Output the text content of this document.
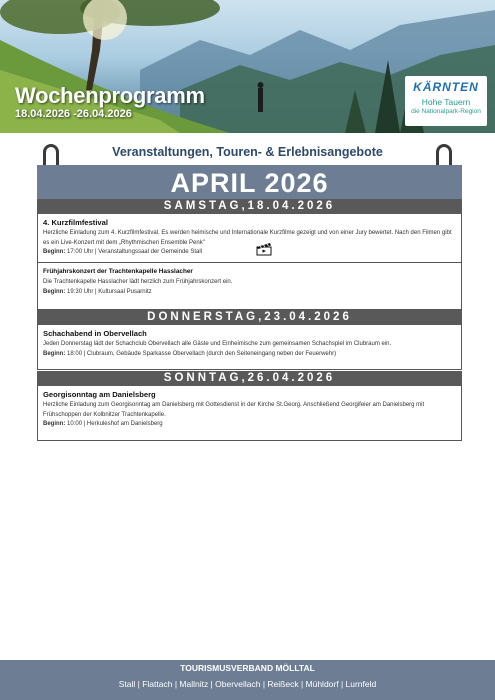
Wochenprogramm
18.04.2026 -26.04.2026
KÄRNTEN
Hohe Tauern
die Nationalpark-Region
Veranstaltungen, Touren- & Erlebnisangebote
APRIL 2026
SAMSTAG,18.04.2026
4. Kurzfilmfestival
Herzliche Einladung zum 4. Kurzfilmfestival. Es werden heimische und Internationale Kurzfilme gezeigt und von einer Jury bewertet. Nach den Filmen gibt es ein Live-Konzert mit dem „Rhythmischen Ensemble Penk"
Beginn: 17:00 Uhr | Veranstaltungssaal der Gemeinde Stall
Frühjahrskonzert der Trachtenkapelle Hasslacher
Die Trachtenkapelle Hasslacher lädt herzlich zum Frühjahrskonzert ein.
Beginn: 19:30 Uhr | Kultursaal Pusarnitz
DONNERSTAG,23.04.2026
Schachabend in Obervellach
Jeden Donnerstag lädt der Schachclub Obervellach alle Gäste und Einheimische zum gemeinsamen Schachspiel im Clubraum ein.
Beginn: 18:00 | Clubraum, Gebäude Sparkasse Obervellach (durch den Seiteneingang neben der Feuerwehr)
SONNTAG,26.04.2026
Georgisonntag am Danielsberg
Herzliche Einladung zum Georgisonntag am Danielsberg mit Gottesdienst in der Kirche St.Georg. Anschließend Georgifeier am Danielsberg mit Frühschoppen der Kolbnitzer Trachtenkapelle.
Beginn: 10:00 | Herkuleshof am Danielsberg
TOURISMUSVERBAND MÖLLTAL
Stall | Flattach | Mallnitz | Obervellach | Reißeck | Mühldorf | Lurnfeld
